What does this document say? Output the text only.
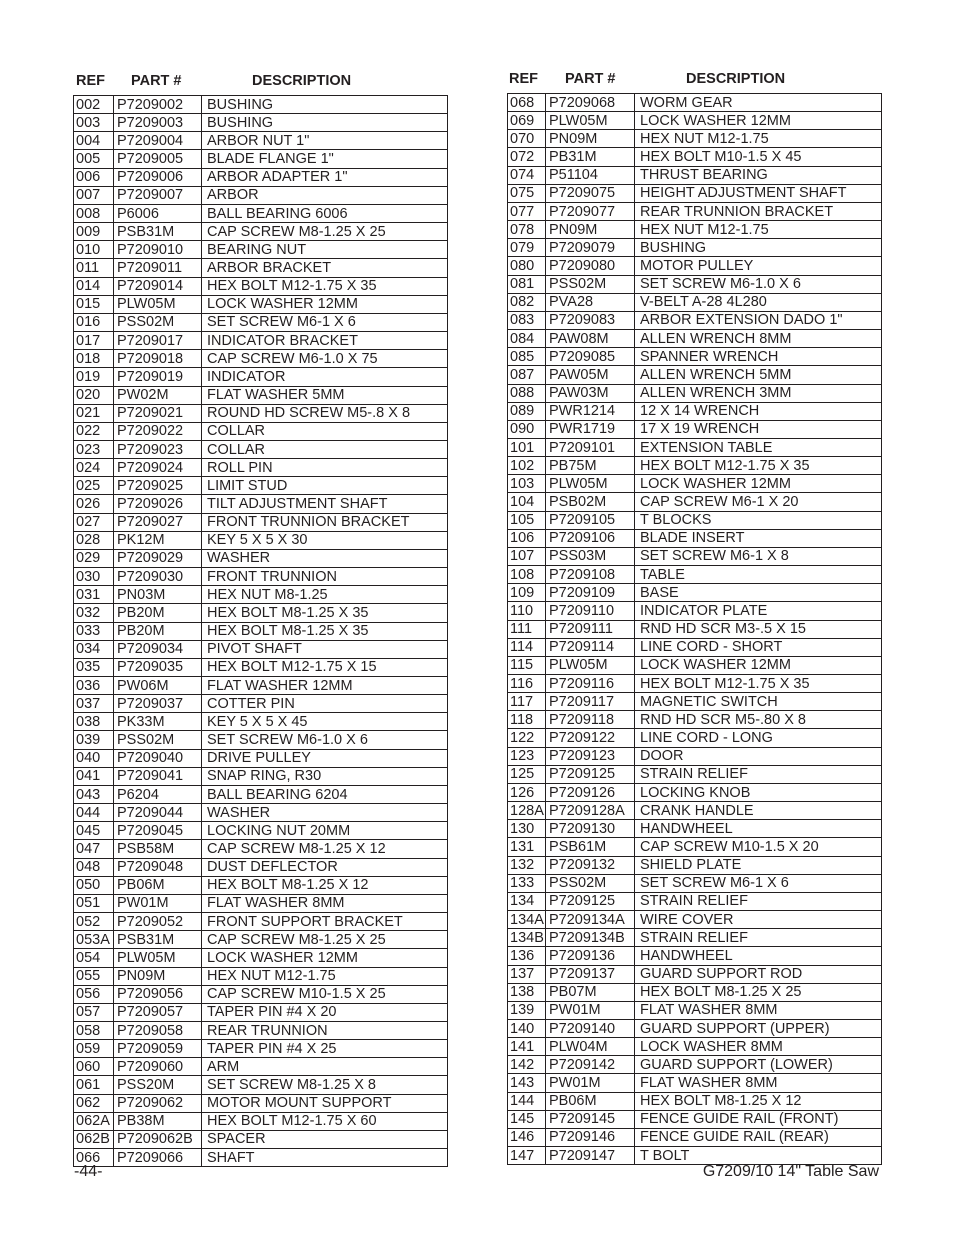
REF PART #	DESCRIPTION
002	P7209002	BUSHING
003	P7209003	BUSHING
004	P7209004	ARBOR NUT 1"
005	P7209005	BLADE FLANGE 1"
006	P7209006	ARBOR ADAPTER 1"
007	P7209007	ARBOR
008	P6006	BALL BEARING 6006
009	PSB31M	CAP SCREW M8-1.25 X 25
010	P7209010	BEARING NUT
011	P7209011	ARBOR BRACKET
014	P7209014	HEX BOLT M12-1.75 X 35
015	PLW05M	LOCK WASHER 12MM
016	PSS02M	SET SCREW M6-1 X 6
017	P7209017	INDICATOR BRACKET
018	P7209018	CAP SCREW M6-1.0 X 75
019	P7209019	INDICATOR
020	PW02M	FLAT WASHER 5MM
021	P7209021	ROUND HD SCREW M5-.8 X 8
022	P7209022	COLLAR
023	P7209023	COLLAR
024	P7209024	ROLL PIN
025	P7209025	LIMIT STUD
026	P7209026	TILT ADJUSTMENT SHAFT
027	P7209027	FRONT TRUNNION BRACKET
028	PK12M	KEY 5 X 5 X 30
029	P7209029	WASHER
030	P7209030	FRONT TRUNNION
031	PN03M	HEX NUT M8-1.25
032	PB20M	HEX BOLT M8-1.25 X 35
033	PB20M	HEX BOLT M8-1.25 X 35
034	P7209034	PIVOT SHAFT
035	P7209035	HEX BOLT M12-1.75 X 15
036	PW06M	FLAT WASHER 12MM
037	P7209037	COTTER PIN
038	PK33M	KEY 5 X 5 X 45
039	PSS02M	SET SCREW M6-1.0 X 6
040	P7209040	DRIVE PULLEY
041	P7209041	SNAP RING, R30
043	P6204	BALL BEARING 6204
044	P7209044	WASHER
045	P7209045	LOCKING NUT 20MM
047	PSB58M	CAP SCREW M8-1.25 X 12
048	P7209048	DUST DEFLECTOR
050	PB06M	HEX BOLT M8-1.25 X 12
051	PW01M	FLAT WASHER 8MM
052	P7209052	FRONT SUPPORT BRACKET
053A	PSB31M	CAP SCREW M8-1.25 X 25
054	PLW05M	LOCK WASHER 12MM
055	PN09M	HEX NUT M12-1.75
056	P7209056	CAP SCREW M10-1.5 X 25
057	P7209057	TAPER PIN #4 X 20
058	P7209058	REAR TRUNNION
059	P7209059	TAPER PIN #4 X 25
060	P7209060	ARM
061	PSS20M	SET SCREW M8-1.25 X 8
062	P7209062	MOTOR MOUNT SUPPORT
062A	PB38M	HEX BOLT M12-1.75 X 60
062B	P7209062B	SPACER
066	P7209066	SHAFT
REF PART #	DESCRIPTION
068	P7209068	WORM GEAR
069	PLW05M	LOCK WASHER 12MM
070	PN09M	HEX NUT M12-1.75
072	PB31M	HEX BOLT M10-1.5 X 45
074	P51104	THRUST BEARING
075	P7209075	HEIGHT ADJUSTMENT SHAFT
077	P7209077	REAR TRUNNION BRACKET
078	PN09M	HEX NUT M12-1.75
079	P7209079	BUSHING
080	P7209080	MOTOR PULLEY
081	PSS02M	SET SCREW M6-1.0 X 6
082	PVA28	V-BELT A-28 4L280
083	P7209083	ARBOR EXTENSION DADO 1"
084	PAW08M	ALLEN WRENCH 8MM
085	P7209085	SPANNER WRENCH
087	PAW05M	ALLEN WRENCH 5MM
088	PAW03M	ALLEN WRENCH 3MM
089	PWR1214	12 X 14 WRENCH
090	PWR1719	17 X 19 WRENCH
101	P7209101	EXTENSION TABLE
102	PB75M	HEX BOLT M12-1.75 X 35
103	PLW05M	LOCK WASHER 12MM
104	PSB02M	CAP SCREW M6-1 X 20
105	P7209105	T BLOCKS
106	P7209106	BLADE INSERT
107	PSS03M	SET SCREW M6-1 X 8
108	P7209108	TABLE
109	P7209109	BASE
110	P7209110	INDICATOR PLATE
111	P7209111	RND HD SCR M3-.5 X 15
114	P7209114	LINE CORD - SHORT
115	PLW05M	LOCK WASHER 12MM
116	P7209116	HEX BOLT M12-1.75 X 35
117	P7209117	MAGNETIC SWITCH
118	P7209118	RND HD SCR M5-.80 X 8
122	P7209122	LINE CORD - LONG
123	P7209123	DOOR
125	P7209125	STRAIN RELIEF
126	P7209126	LOCKING KNOB
128A	P7209128A	CRANK HANDLE
130	P7209130	HANDWHEEL
131	PSB61M	CAP SCREW M10-1.5 X 20
132	P7209132	SHIELD PLATE
133	PSS02M	SET SCREW M6-1 X 6
134	P7209125	STRAIN RELIEF
134A	P7209134A	WIRE COVER
134B	P7209134B	STRAIN RELIEF
136	P7209136	HANDWHEEL
137	P7209137	GUARD SUPPORT ROD
138	PB07M	HEX BOLT M8-1.25 X 25
139	PW01M	FLAT WASHER 8MM
140	P7209140	GUARD SUPPORT (UPPER)
141	PLW04M	LOCK WASHER 8MM
142	P7209142	GUARD SUPPORT (LOWER)
143	PW01M	FLAT WASHER 8MM
144	PB06M	HEX BOLT M8-1.25 X 12
145	P7209145	FENCE GUIDE RAIL (FRONT)
146	P7209146	FENCE GUIDE RAIL (REAR)
147	P7209147	T BOLT
-44-	G7209/10 14" Table Saw
